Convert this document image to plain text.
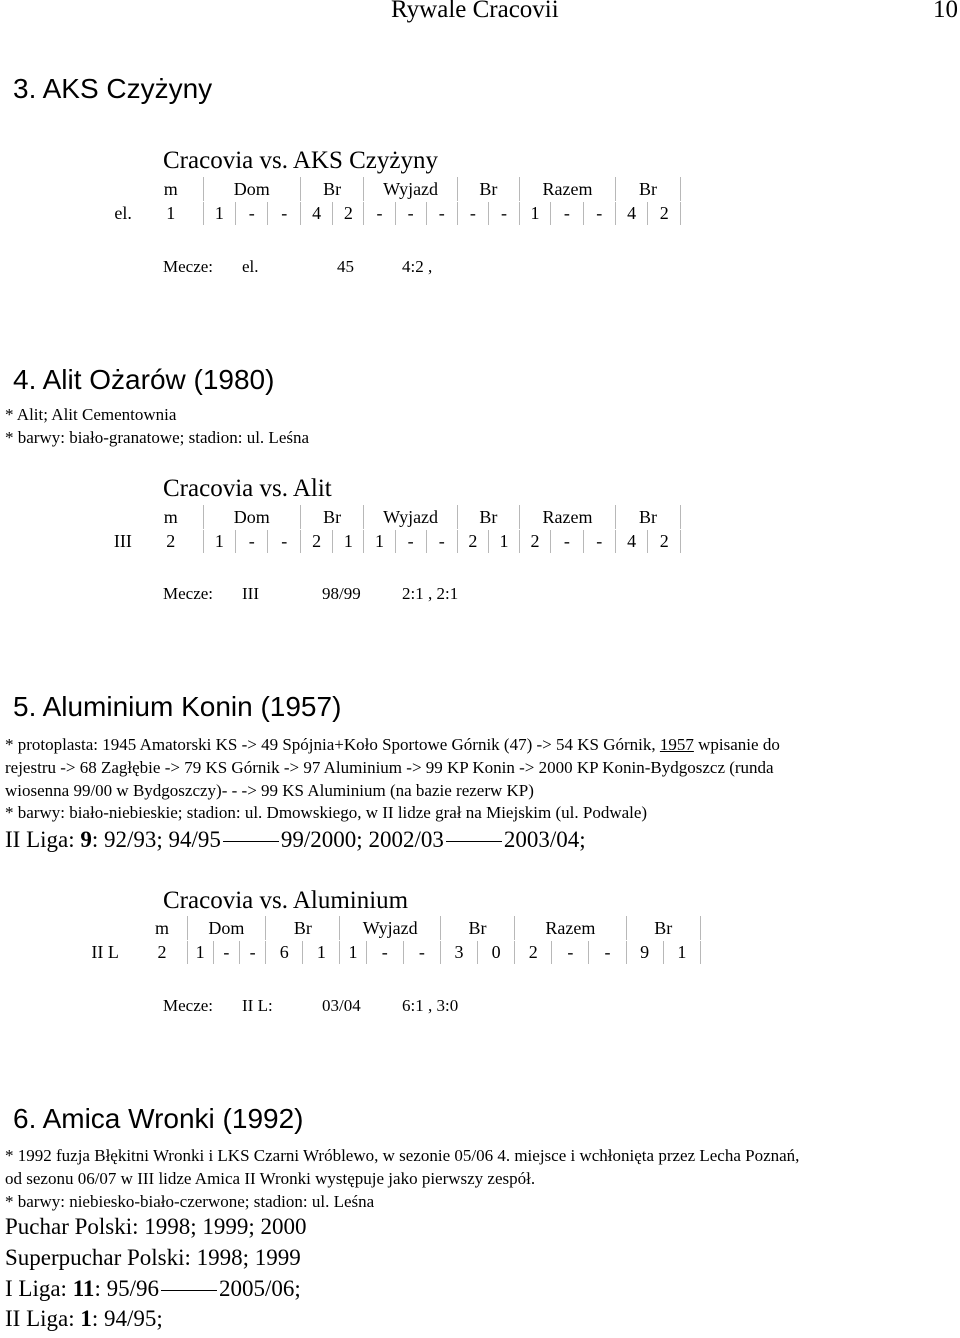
Rywale Cracovii	10
3. AKS Czyżyny
Cracovia vs. AKS Czyżyny
	m	Dom			Br		Wyjazd			Br		Razem			Br	
el.	1	1	-	-	4	2	-	-	-	-	-	1	-	-	4	2
Mecze: el.	45	4:2 ,
4. Alit Ożarów (1980)
* Alit; Alit Cementownia
* barwy: biało-granatowe; stadion: ul. Leśna
Cracovia vs. Alit
	m	Dom			Br		Wyjazd			Br		Razem			Br	
III	2	1	-	-	2	1	1	-	-	2	1	2	-	-	4	2
Mecze: III	98/99 2:1 , 2:1
5. Aluminium Konin (1957)
* protoplasta: 1945 Amatorski KS -> 49 Spójnia+Koło Sportowe Górnik (47) -> 54 KS Górnik, 1957 wpisanie do
rejestru -> 68 Zagłębie -> 79 KS Górnik -> 97 Aluminium -> 99 KP Konin -> 2000 KP Konin-Bydgoszcz (runda
wiosenna 99/00 w Bydgoszczy)- - -> 99 KS Aluminium (na bazie rezerw KP)
* barwy: biało-niebieskie; stadion: ul. Dmowskiego, w II lidze grał na Miejskim (ul. Podwale)
II Liga: 9: 92/93; 94/95	99/2000; 2002/03	2003/04;
Cracovia vs. Aluminium
	m	Dom			Br		Wyjazd			Br		Razem			Br	
II L	2	1	-	-	6	1	1	-	-	3	0	2	-	-	9	1
Mecze: II L:	03/04 6:1 , 3:0
6. Amica Wronki (1992)
* 1992 fuzja Błękitni Wronki i LKS Czarni Wróblewo, w sezonie 05/06 4. miejsce i wchłonięta przez Lecha Poznań,
od sezonu 06/07 w III lidze Amica II Wronki występuje jako pierwszy zespół.
* barwy: niebiesko-biało-czerwone; stadion: ul. Leśna
Puchar Polski: 1998; 1999; 2000
Superpuchar Polski: 1998; 1999
I Liga: 11: 95/96	2005/06;
II Liga: 1: 94/95;
